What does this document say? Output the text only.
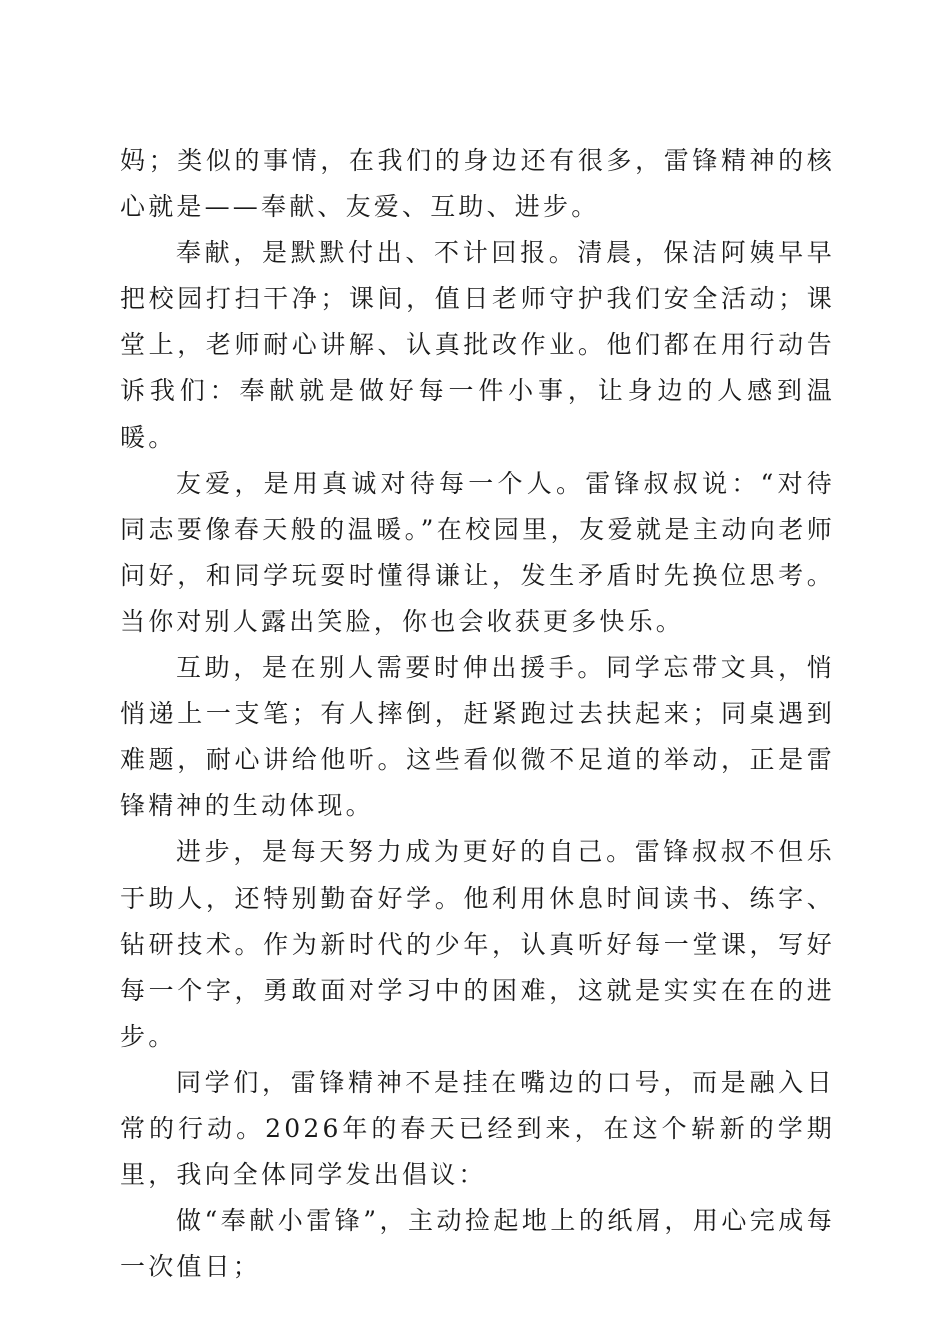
妈；类似的事情，在我们的身边还有很多，雷锋精神的核心就是——奉献、友爱、互助、进步。

奉献，是默默付出、不计回报。清晨，保洁阿姨早早把校园打扫干净；课间，值日老师守护我们安全活动；课堂上，老师耐心讲解、认真批改作业。他们都在用行动告诉我们：奉献就是做好每一件小事，让身边的人感到温暖。

友爱，是用真诚对待每一个人。雷锋叔叔说：“对待同志要像春天般的温暖。”在校园里，友爱就是主动向老师问好，和同学玩耍时懂得谦让，发生矛盾时先换位思考。当你对别人露出笑脸，你也会收获更多快乐。

互助，是在别人需要时伸出援手。同学忘带文具，悄悄递上一支笔；有人摔倒，赶紧跑过去扶起来；同桌遇到难题，耐心讲给他听。这些看似微不足道的举动，正是雷锋精神的生动体现。

进步，是每天努力成为更好的自己。雷锋叔叔不但乐于助人，还特别勤奋好学。他利用休息时间读书、练字、钻研技术。作为新时代的少年，认真听好每一堂课，写好每一个字，勇敢面对学习中的困难，这就是实实在在的进步。

同学们，雷锋精神不是挂在嘴边的口号，而是融入日常的行动。2026年的春天已经到来，在这个崭新的学期里，我向全体同学发出倡议：

做“奉献小雷锋”，主动捡起地上的纸屑，用心完成每一次值日；
